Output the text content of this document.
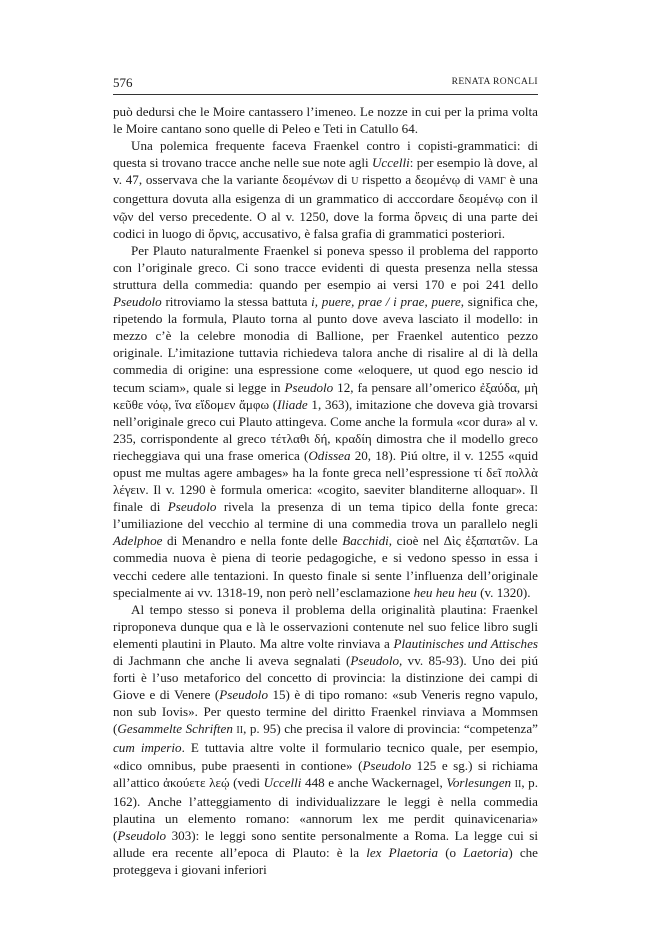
576	RENATA RONCALI

può dedursi che le Moire cantassero l’imeneo. Le nozze in cui per la prima volta le Moire cantano sono quelle di Peleo e Teti in Catullo 64.

Una polemica frequente faceva Fraenkel contro i copisti-grammatici: di questa si trovano tracce anche nelle sue note agli Uccelli: per esempio là dove, al v. 47, osservava che la variante δεομένων di U rispetto a δεομένῳ di VAMΓ è una congettura dovuta alla esigenza di un grammatico di acccordare δεομένῳ con il νῷν del verso precedente. O al v. 1250, dove la forma ὄρνεις di una parte dei codici in luogo di ὄρνις, accusativo, è falsa grafia di grammatici posteriori.

Per Plauto naturalmente Fraenkel si poneva spesso il problema del rapporto con l’originale greco. Ci sono tracce evidenti di questa presenza nella stessa struttura della commedia: quando per esempio ai versi 170 e poi 241 dello Pseudolo ritroviamo la stessa battuta i, puere, prae / i prae, puere, significa che, ripetendo la formula, Plauto torna al punto dove aveva lasciato il modello: in mezzo c’è la celebre monodia di Ballione, per Fraenkel autentico pezzo originale. L’imitazione tuttavia richiedeva talora anche di risalire al di là della commedia di origine: una espressione come «eloquere, ut quod ego nescio id tecum sciam», quale si legge in Pseudolo 12, fa pensare all’omerico ἐξαύδα, μὴ κεῦθε νόῳ, ἵνα εἴδομεν ἄμφω (Iliade 1, 363), imitazione che doveva già trovarsi nell’originale greco cui Plauto attingeva. Come anche la formula «cor dura» al v. 235, corrispondente al greco τέτλαθι δή, κραδίη dimostra che il modello greco riecheggiava qui una frase omerica (Odissea 20, 18). Piú oltre, il v. 1255 «quid opust me multas agere ambages» ha la fonte greca nell’espressione τί δεῖ πολλὰ λέγειν. Il v. 1290 è formula omerica: «cogito, saeviter blanditerne alloquar». Il finale di Pseudolo rivela la presenza di un tema tipico della fonte greca: l’umiliazione del vecchio al termine di una commedia trova un parallelo negli Adelphoe di Menandro e nella fonte delle Bacchidi, cioè nel Δὶς ἐξαπατῶν. La commedia nuova è piena di teorie pedagogiche, e si vedono spesso in essa i vecchi cedere alle tentazioni. In questo finale si sente l’influenza dell’originale specialmente ai vv. 1318-19, non però nell’esclamazione heu heu heu (v. 1320).

Al tempo stesso si poneva il problema della originalità plautina: Fraenkel riproponeva dunque qua e là le osservazioni contenute nel suo felice libro sugli elementi plautini in Plauto. Ma altre volte rinviava a Plautinisches und Attisches di Jachmann che anche li aveva segnalati (Pseudolo, vv. 85-93). Uno dei piú forti è l’uso metaforico del concetto di provincia: la distinzione dei campi di Giove e di Venere (Pseudolo 15) è di tipo romano: «sub Veneris regno vapulo, non sub Iovis». Per questo termine del diritto Fraenkel rinviava a Mommsen (Gesammelte Schriften II, p. 95) che precisa il valore di provincia: “competenza” cum imperio. E tuttavia altre volte il formulario tecnico quale, per esempio, «dico omnibus, pube praesenti in contione» (Pseudolo 125 e sg.) si richiama all’attico ἀκούετε λεῴ (vedi Uccelli 448 e anche Wackernagel, Vorlesungen II, p. 162). Anche l’atteggiamento di individualizzare le leggi è nella commedia plautina un elemento romano: «annorum lex me perdit quinavicenaria» (Pseudolo 303): le leggi sono sentite personalmente a Roma. La legge cui si allude era recente all’epoca di Plauto: è la lex Plaetoria (o Laetoria) che proteggeva i giovani inferiori
